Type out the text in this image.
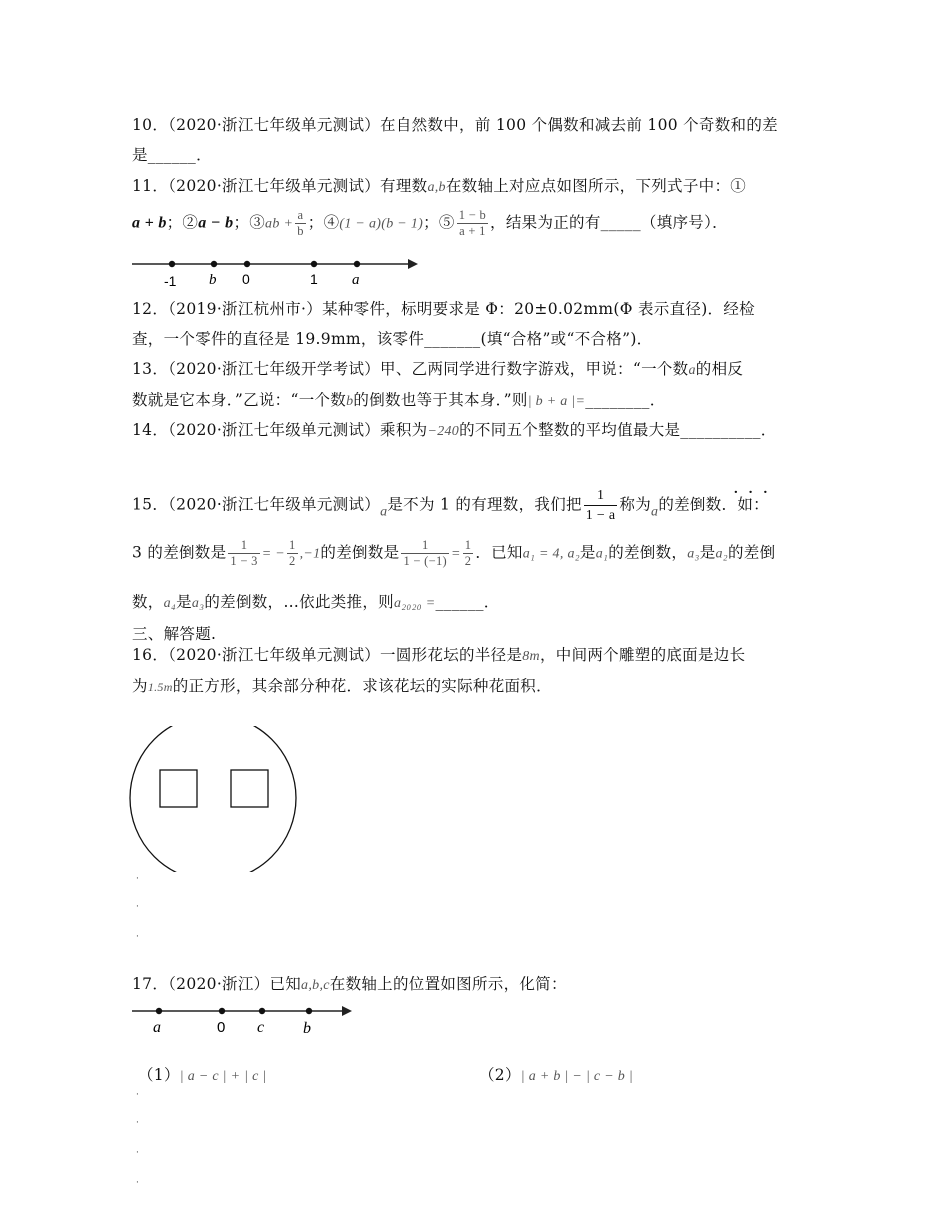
10．（2020·浙江七年级单元测试）在自然数中，前 100 个偶数和减去前 100 个奇数和的差
是______．
11．（2020·浙江七年级单元测试）有理数a,b在数轴上对应点如图所示，下列式子中：①
a + b；②a − b；③ab + $\frac{a}{b}$ ；④(1 − a)(b − 1)；⑤ $\frac{1 - b}{a + 1}$ ，结果为正的有_____（填序号）．
-1 b 0	1 a
12．（2019·浙江杭州市·）某种零件，标明要求是 Φ：20±0.02mm(Φ 表示直径)．经检
查，一个零件的直径是 19.9mm，该零件_______(填“合格”或“不合格”)．
13．（2020·浙江七年级开学考试）甲、乙两同学进行数字游戏，甲说：“一个数a的相反
数就是它本身．”乙说：“一个数b的倒数也等于其本身．”则| b + a |=________．
14．（2020·浙江七年级单元测试）乘积为−240的不同五个整数的平均值最大是__________．
···
15．（2020·浙江七年级单元测试）a是不为 1 的有理数，我们把 $\frac{1}{1 - a}$ 称为a的差倒数．如：
3 的差倒数是 $\frac{1}{1 - 3}$ = − $\frac{1}{2} ,-1$的差倒数是 $\frac{1}{1 - (-1)} = \frac{1}{2}$ ．已知a₁ = 4, a₂是a₁的差倒数，a₃是a₂的差倒
数，a₄是a₃的差倒数，…依此类推，则a₂₀₂₀ =______．
三、解答题.
16．（2020·浙江七年级单元测试）一圆形花坛的半径是8m，中间两个雕塑的底面是边长
为1.5m的正方形，其余部分种花．求该花坛的实际种花面积．
17．（2020·浙江）已知a,b,c在数轴上的位置如图所示，化简：
a	0 c b
（1）| a − c | + | c |	（2）| a + b | − | c − b |
·
·
·
·
·
·
·
